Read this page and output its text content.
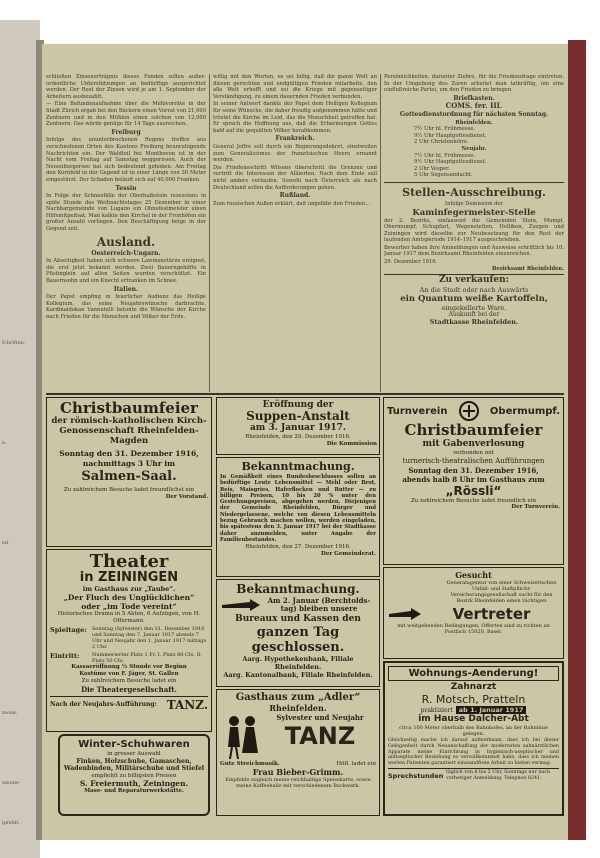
fchriften.
e.
ed
mone.
amone
ipfehlt.

schließen Zinsenerträgnis dieses Fonden sollen außer-ordentliche Unterstützungen an bedürftige ausgerichtet werden. Der Rest der Zinsen wird je am 1. September der Arbeitern ausbezahlt.

— Eine Befundenaufnahme über die Mehlvorräte in der Stadt Zürich ergab bei den Bäckern einen Vorrat von 21,000 Zentnern und in den Mühlen einen solchen von 12,000 Zentnern. Das würde genüge für 14 Tage ausreichen.

Freiburg

Infolge des ununterbrochenen Regens treffen aus verschiedenen Orten des Kantons Freiburg beunruhigende Nachrichten ein. Der Waldteil bei Montbovon ist in der Nacht vom Freitag auf Samstag weggerissen. Auch der Neuenburgersee hat sich bedeutend gehoben. Am Freitag den Kornfeld in der Gegend ist in einer Länge von 30 Meter eingestürzt. Der Schaden beläuft sich auf 40,000 Franken.

Tessin

In Folge der Schneefälle der Oberhalbstein rezessions in späte Stunde des Weihnachtstages 25 Dezember in einer Nachbargemeinde von Lugano ein Ohnefestmeister einen Hilfsmitpeitsat. Man kalkte den Kirchel in der Fronhöfen ein großer Anzahl vorliegen. Den Beschäftigung beige in der Gegend zeit.

Ausland.
Oesterreich-Ungarn.

In Abseitigkeit haben sich schwere Lawinenstürze ereignet, die erst jetzt bekannt werden. Zwei Bauerngehöfte in Pfistinglein auf allen Seiten wurden verschüttet. Ein Bauernsohn und ein Knecht ertranken im Schnee.

Italien.

Der Papst empfing in feierlicher Audienz das Heilige Kollegium, das seine Neujahrswünsche darbrachte. Kardinaldekan Vannutelli betonte die Wünsche der Kirche nach Frieden für die Menschen und Völker der Erde.

willig mit den Worten, es sei billig, daß die ganze Welt an diesen gerechten und endgültigen Frieden mitarbeite, den alle Welt erhofft und sei die Kriege mit gegenseitiger Verständigung, zu einem dauernden Frieden verbunden.

In seiner Antwort dankte der Papst dem Heiligen Kollegium für seine Wünsche, die daher freudig aufgenommen hätte und tröstet die Kirche im Leid, das die Menschheit getroffen hat. Er sprach die Hoffnung aus, daß die Erbarmungen Gottes bald auf die gequälten Völker herabkommen.

Frankreich.

General Joffre soll durch ein Regierungsdekret, einstweilen zum Generalissimus der französischen Heere ernannt werden.

Die Friedensschritt Wilsons überschritt die Grenzen und vertritt die Interessen der Alliierten. Nach dem Ende soll nicht anders verlaufen. Sowohl nach Österreich als nach Deutschland sollen die Aufforderungen gehen.

Rußland.

Zum russischen Außen erklärt, daß ungefähr den Frieden...

Persönlichkeiten, darunter Ziebro, für die Friedensfrage eintreten. In der Umgebung des Zaren arbeitet man tatkräftig, um eine einflußreiche Partei, um den Frieden zu bringen.

Briefkasten.
COMS. fer. III.
Gottesdienstordnung für nächsten Sonntag.
Rheinfelden.
7½ Uhr hl. Frühmesse.
9½ Uhr Hauptgottesdienst.
2 Uhr Christenlehre.
Neujahr.
7½ Uhr hl. Frühmesse.
9½ Uhr Hauptgottesdienst.
2 Uhr Vesper.
5 Uhr Segensandacht.
Stellen-Ausschreibung.
Infolge Demission der
Kaminfegermeister-Stelle

der 2. Bezirks, umfassend die Gemeinden Stein, Mumpf, Obermumpf, Schupfart, Wegenstetten, Hellikon, Zuzgen und Zeiningen wird dieselbe zur Neubesetzung für den Rest der laufenden Amtsperiode 1914–1917 ausgeschrieben.

Bewerber haben ihre Anmeldungen und Ausweise schriftlich bis 10. Januar 1917 dem Bezirksamt Rheinfelden einzureichen.

29. Dezember 1916.
Bezirksamt Rheinfelden.
Zu verkaufen:
An die Stadt oder nach Auswärts
ein Quantum weiße Kartoffeln,
eingekellerte Ware.
Auskunft bei der
Stadtkasse Rheinfelden.
Christbaumfeier
der römisch-katholischen Kirch-
Genossenschaft Rheinfelden-
Magden
Sonntag den 31. Dezember 1916,
nachmittags 3 Uhr im
Salmen-Saal.
Zu zahlreichem Besuche ladet freundlichst ein
Der Vorstand.
Theater
in ZEININGEN
im Gasthaus zur „Taube“.
„Der Fluch des Unglücklichen“
oder „im Tode vereint“
Historisches Drama in 5 Akten, 6 Aufzügen, von H. Offermann.
Spieltage:	Sonntag (Sylvester) den 31. Dezember 1916 und Sonntag den 7. Januar 1917 abends 7 Uhr und Neujahr den 1. Januar 1917 mittags 2 Uhr.
Eintritt:	Nummerierter Platz 1 Fr. I. Platz 80 Cts. II. Platz 50 Cts.
Kassaeröffnung ½ Stunde vor Beginn
Kostüme von F. Jäger, St. Gallen
Zu zahlreichem Besuche ladet ein
Die Theatergesellschaft.
Nach der Neujahrs-Aufführung: TANZ.
Winter-Schuhwaren
in grosser Auswahl
Finken, Holzschuhe, Gamaschen, Wadenbinden, Militärschuhe und Stiefel
empfiehlt zu billigsten Preisen
S. Freiermuth, Zeiningen.
Mass- und Reparaturwerkstätte.
Eröffnung der
Suppen-Anstalt
am 3. Januar 1917.
Rheinfelden, den 29. Dezember 1916.
Die Kommission
Bekanntmachung.

In Gemäßheit eines Bundesbeschlusses sollen an bedürftige Leute Lebensmittel — Mehl oder Brot, Reis, Maisgries, Haferflocken und Butter — zu billigen Preisen, 10 bis 20 % unter den Gestehungspreisen, abgegeben werden. Diejenigen der Gemeinde Rheinfelden, Bürger und Niedergelassene, welche von diesen Lebensmitteln bezug Gebrauch machen wollen, werden eingeladen, bis spätestens den 3. Januar 1917 bei der Stadtkasse daher anzumelden, unter Angabe der Familienbestandes.

Rheinfelden, den 27. Dezember 1916.
Der Gemeinderat.
Bekanntmachung.
Am 2. Januar (Berchtolds-tag) bleiben unsere
Bureaux und Kassen den
ganzen Tag geschlossen.
Aarg. Hypothekenbank, Filiale Rheinfelden.
Aarg. Kantonalbank, Filiale Rheinfelden.
Gasthaus zum „Adler“
Rheinfelden.
Sylvester und Neujahr
TANZ
Gute Streichmusik.	Höfl. ladet ein
Frau Bieber-Grimm.

Empfehle zugleich meine reichhaltige Speisekarte, sowie meine Kaffeehalle mit verschiedenem Backwerk.

Turnverein	Obermumpf.
Christbaumfeier
mit Gabenverlosung
verbunden mit
turnerisch-theatralischen Aufführungen
Sonntag den 31. Dezember 1916,
abends halb 8 Uhr im Gasthaus zum
„Rössli“
Zu zahlreichem Besuche ladet freundlich ein
Der Turnverein.
Gesucht

Generalagentur von einer Schweizerischen Unfall- und Haftpflicht-Versicherungsgesellschaft sucht für den Bezirk Rheinfelden einen tüchtigen

Vertreter

mit weitgehenden Bedingungen. Offerten sind zu richten an Postfach 15020, Basel.

Wohnungs-Aenderung!
Zahnarzt
R. Motsch, Pratteln
praktiziert ab 1. Januar 1917
im Hause Dalcher-Abt
circa 100 Meter oberhalb des Bahnhofes, an der Bahnlinie gelegen.

Gleichzeitig mache ich darauf aufmerksam, dass ich bei dieser Gelegenheit durch Neuanschaffung der modernsten zahnärztlichen Apparate meine Einrichtung in hygienisch-aseptischer und antiseptischer Beziehung so vervollkommnet habe, dass ich meinen werten Patienten garantiert einwandfreie Arbeit zu bieten vermag.

Sprechstunden täglich von 8 bis 5 Uhr, Sonntags nur nach vorheriger Anmeldung. Telephon 8241.
